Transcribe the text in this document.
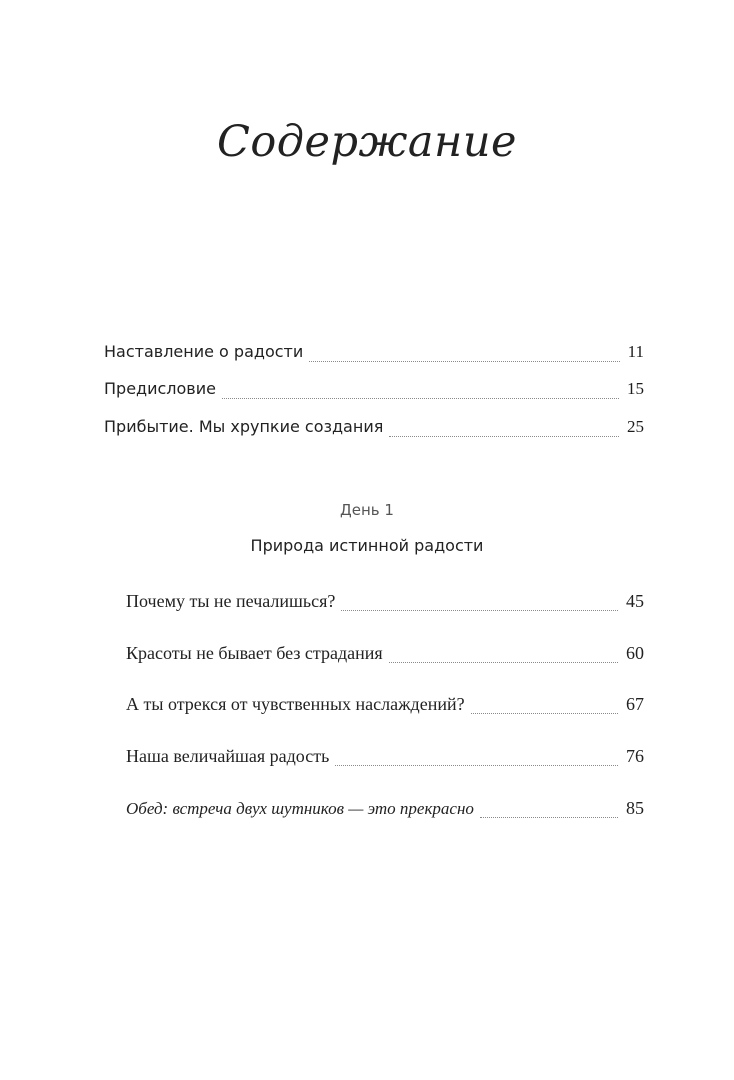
Содержание
Наставление о радости	11
Предисловие	15
Прибытие. Мы хрупкие создания	25
День 1
Природа истинной радости
Почему ты не печалишься?	45
Красоты не бывает без страдания	60
А ты отрекся от чувственных наслаждений?	67
Наша величайшая радость	76
Обед: встреча двух шутников — это прекрасно	85
